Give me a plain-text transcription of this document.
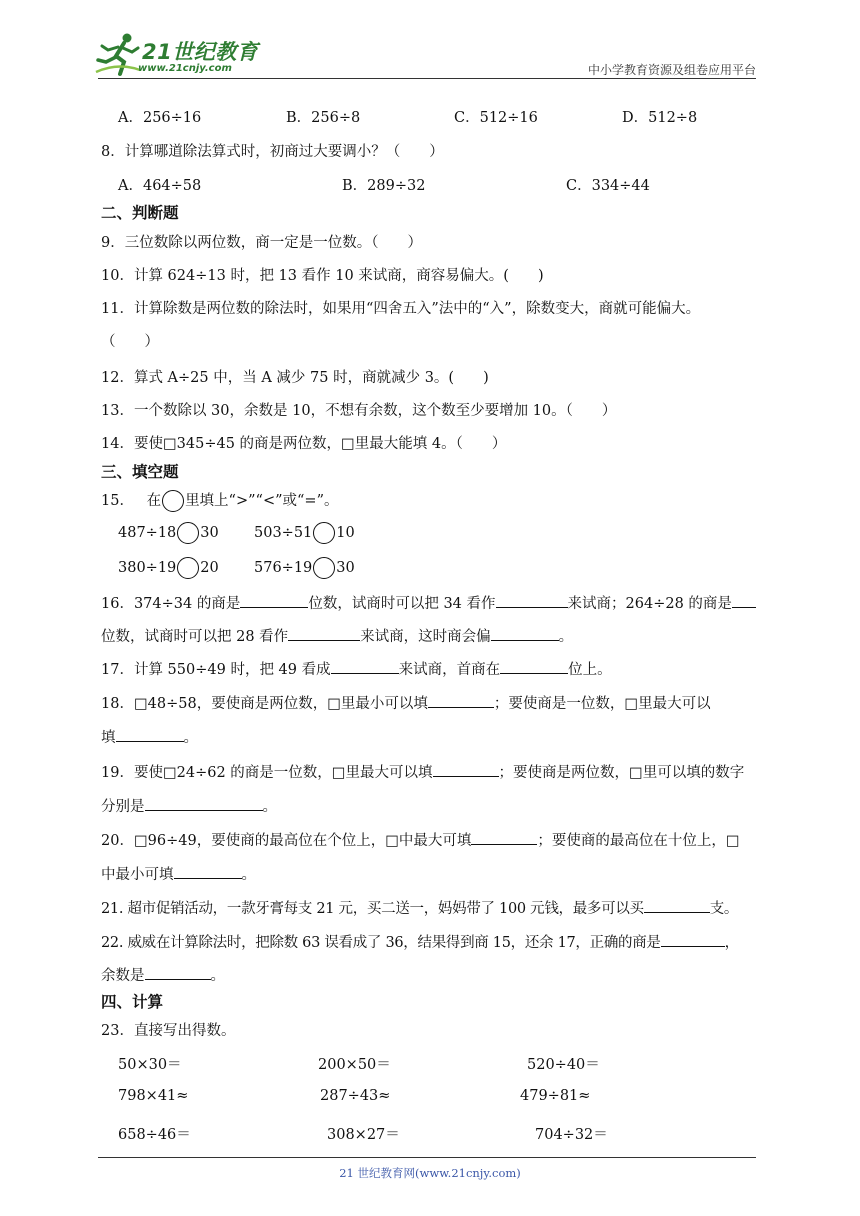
21世纪教育
www.21cnjy.com	中小学教育资源及组卷应用平台
A．256÷16	B．256÷8	C．512÷16	D．512÷8
8．计算哪道除法算式时，初商过大要调小？（　　）
A．464÷58	B．289÷32	C．334÷44
二、判断题
9．三位数除以两位数，商一定是一位数。（　　）
10．计算 624÷13 时，把 13 看作 10 来试商，商容易偏大。(　　)
11．计算除数是两位数的除法时，如果用“四舍五入”法中的“入”，除数变大，商就可能偏大。
（　　）
12．算式 A÷25 中，当 A 减少 75 时，商就减少 3。(　　)
13．一个数除以 30，余数是 10，不想有余数，这个数至少要增加 10。（　　）
14．要使□345÷45 的商是两位数，□里最大能填 4。（　　）
三、填空题
15． 在 里填上“>”“<”或“=”。
487÷18 30 503÷51 10
380÷19 20 576÷19 30
16．374÷34 的商是	位数，试商时可以把 34 看作	来试商；264÷28 的商是
位数，试商时可以把 28 看作	来试商，这时商会偏	。
17．计算 550÷49 时，把 49 看成	来试商，首商在	位上。
18．□48÷58，要使商是两位数，□里最小可以填	；要使商是一位数，□里最大可以
填	。
19．要使□24÷62 的商是一位数，□里最大可以填	；要使商是两位数，□里可以填的数字
分别是	。
20．□96÷49，要使商的最高位在个位上，□中最大可填	；要使商的最高位在十位上，□
中最小可填	。
21. 超市促销活动，一款牙膏每支 21 元，买二送一，妈妈带了 100 元钱，最多可以买	支。
22. 威威在计算除法时，把除数 63 误看成了 36，结果得到商 15，还余 17，正确的商是	，
余数是	。
四、计算
23．直接写出得数。
50×30＝	200×50＝	520÷40＝
798×41≈	287÷43≈	479÷81≈
658÷46＝	308×27＝	704÷32＝
21 世纪教育网(www.21cnjy.com)
